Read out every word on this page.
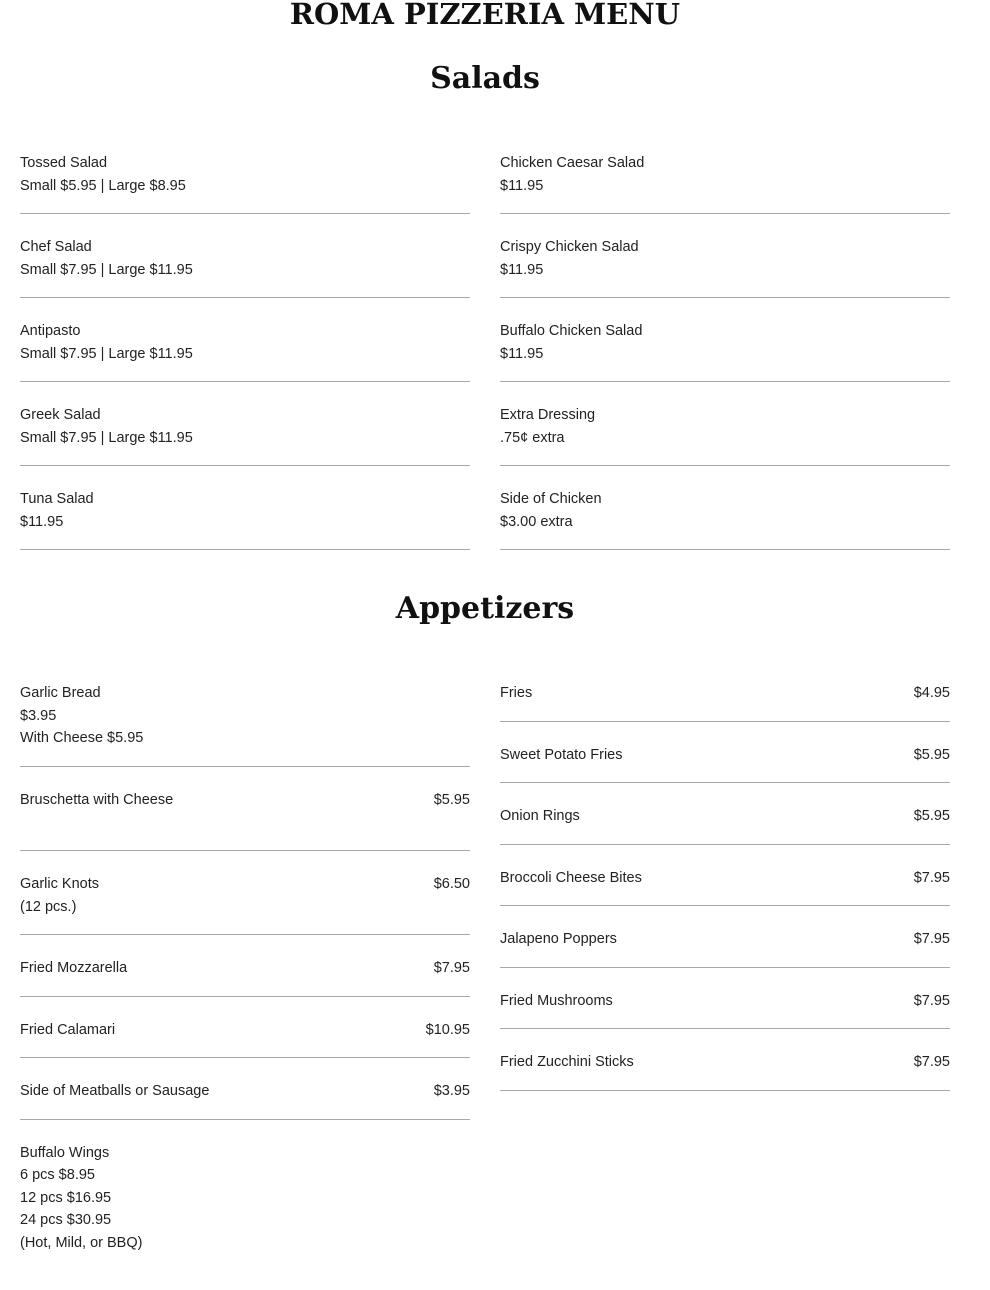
ROMA PIZZERIA MENU
Salads
Tossed Salad
Small $5.95 | Large $8.95
Chef Salad
Small $7.95 | Large $11.95
Antipasto
Small $7.95 | Large $11.95
Greek Salad
Small $7.95 | Large $11.95
Tuna Salad
$11.95
Chicken Caesar Salad
$11.95
Crispy Chicken Salad
$11.95
Buffalo Chicken Salad
$11.95
Extra Dressing
.75¢ extra
Side of Chicken
$3.00 extra
Appetizers
Garlic Bread
$3.95
With Cheese $5.95
Bruschetta with Cheese	$5.95
Garlic Knots	$6.50
(12 pcs.)
Fried Mozzarella	$7.95
Fried Calamari	$10.95
Side of Meatballs or Sausage	$3.95
Buffalo Wings
6 pcs $8.95
12 pcs $16.95
24 pcs $30.95
(Hot, Mild, or BBQ)
Fries	$4.95
Sweet Potato Fries	$5.95
Onion Rings	$5.95
Broccoli Cheese Bites	$7.95
Jalapeno Poppers	$7.95
Fried Mushrooms	$7.95
Fried Zucchini Sticks	$7.95
